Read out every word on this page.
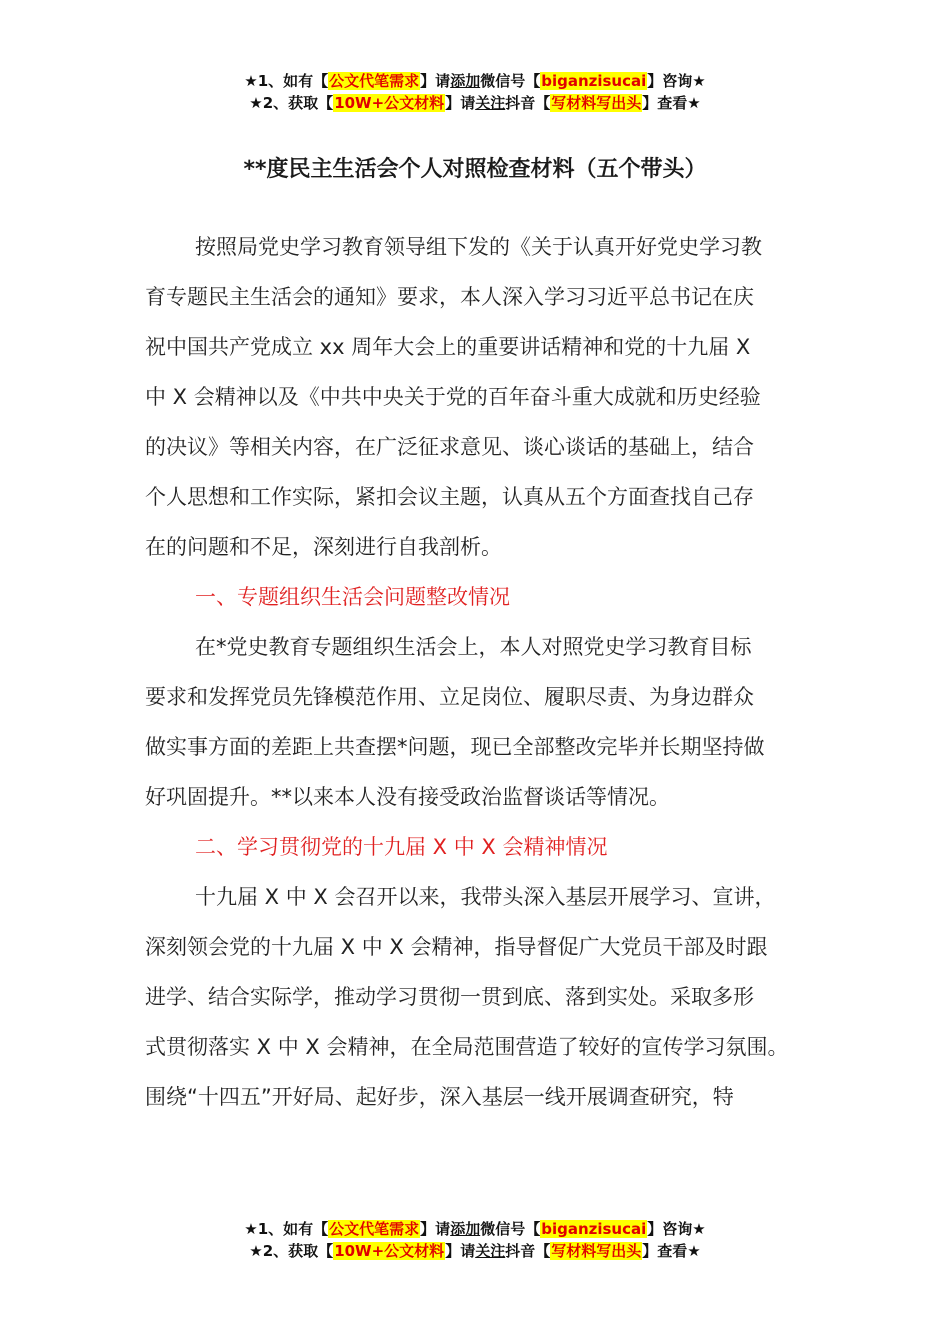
★1、如有【公文代笔需求】请添加微信号【biganzisucai】咨询★
★2、获取【10W+公文材料】请关注抖音【写材料写出头】查看★
**度民主生活会个人对照检查材料（五个带头）
按照局党史学习教育领导组下发的《关于认真开好党史学习教
育专题民主生活会的通知》要求，本人深入学习习近平总书记在庆
祝中国共产党成立 xx 周年大会上的重要讲话精神和党的十九届 X
中 X 会精神以及《中共中央关于党的百年奋斗重大成就和历史经验
的决议》等相关内容，在广泛征求意见、谈心谈话的基础上，结合
个人思想和工作实际，紧扣会议主题，认真从五个方面查找自己存
在的问题和不足，深刻进行自我剖析。
一、专题组织生活会问题整改情况
在*党史教育专题组织生活会上，本人对照党史学习教育目标
要求和发挥党员先锋模范作用、立足岗位、履职尽责、为身边群众
做实事方面的差距上共查摆*问题，现已全部整改完毕并长期坚持做
好巩固提升。**以来本人没有接受政治监督谈话等情况。
二、学习贯彻党的十九届 X 中 X 会精神情况
十九届 X 中 X 会召开以来，我带头深入基层开展学习、宣讲，
深刻领会党的十九届 X 中 X 会精神，指导督促广大党员干部及时跟
进学、结合实际学，推动学习贯彻一贯到底、落到实处。采取多形
式贯彻落实 X 中 X 会精神，在全局范围营造了较好的宣传学习氛围。
围绕“十四五”开好局、起好步，深入基层一线开展调查研究，特
★1、如有【公文代笔需求】请添加微信号【biganzisucai】咨询★
★2、获取【10W+公文材料】请关注抖音【写材料写出头】查看★
